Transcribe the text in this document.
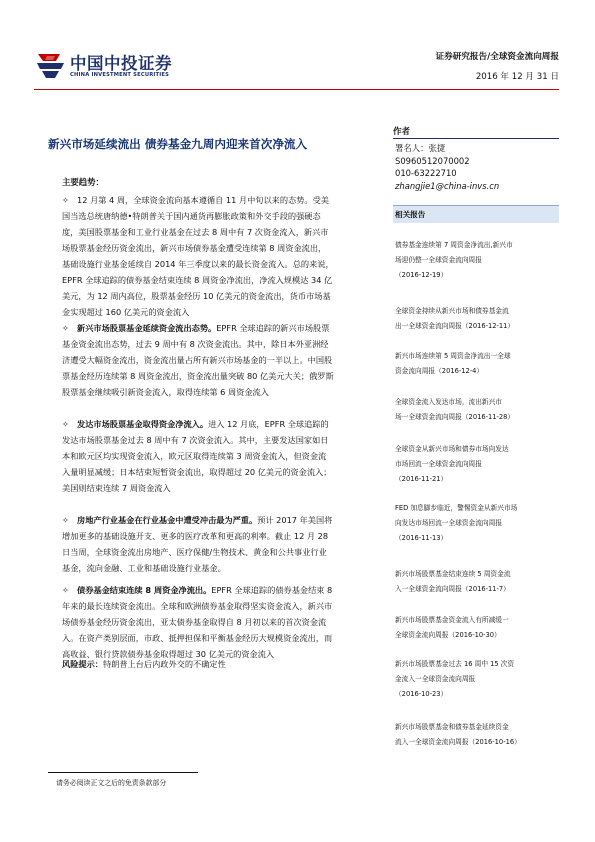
中国中投证券
CHINA INVESTMENT SECURITIES
证券研究报告/全球资金流向周报
2016 年 12 月 31 日
新兴市场延续流出 债券基金九周内迎来首次净流入
作者
署名人：张捷
S0960512070002
010-63222710
zhangjie1@china-invs.cn
相关报告
债券基金连续第 7 周资金净流出,新兴市
场迎仍整一全球资金流向周报
（2016-12-19）
全球资金持续从新兴市场和债券基金流
出一全球资金流向周报（2016-12-11）
新兴市场连续第 5 周资金净流出一全球
资金流向周报（2016-12-4）
全球资金流入发达市场，流出新兴市
场一全球资金流向周报（2016-11-28）
全球资金从新兴市场和债券市场向发达
市场回流一全球资金流向周报
（2016-11-21）
FED 加息脚步临近，警惕资金从新兴市场
向发达市场回流一全球资金流向周报
（2016-11-13）
新兴市场股票基金结束连续 5 周资金流
入一全球资金流向周报（2016-11-7）
新兴市场股票基金资金流入有所减缓一
全球资金流向周报（2016-10-30）
新兴市场股票基金过去 16 周中 15 次资
金流入一全球资金流向周报
（2016-10-23）
新兴市场股票基金和债券基金延续资金
流入一全球资金流向周报（2016-10-16）
主要趋势：
✧　12 月第 4 周，全球资金流向基本遵循自 11 月中旬以来的态势。受美
国当选总统唐纳德•特朗普关于国内通货再膨胀政策和外交手段的强硬态
度，美国股票基金和工业行业基金在过去 8 周中有 7 次资金流入，新兴市
场股票基金经历资金流出，新兴市场债券基金遭受连续第 8 周资金流出，
基础设施行业基金延续自 2014 年三季度以来的最长资金流入。总的来说，
EPFR 全球追踪的债券基金结束连续 8 周资金净流出，净流入规模达 34 亿
美元，为 12 周内高位，股票基金经历 10 亿美元的资金流出，货币市场基
金实现超过 160 亿美元的资金流入
✧　新兴市场股票基金延续资金流出态势。EPFR 全球追踪的新兴市场股票
基金资金流出态势，过去 9 周中有 8 次资金流出。其中，除日本外亚洲经
济遭受大幅资金流出，资金流出量占所有新兴市场基金的一半以上。中国股
票基金经历连续第 8 周资金流出，资金流出量突破 80 亿美元大关；俄罗斯
股票基金继续吸引新资金流入，取得连续第 6 周资金流入
✧　发达市场股票基金取得资金净流入。进入 12 月底，EPFR 全球追踪的
发达市场股票基金过去 8 周中有 7 次资金流入。其中，主要发达国家如日
本和欧元区均实现资金流入，欧元区取得连续第 3 周资金流入，但资金流
入量明显减缓；日本结束短暂资金流出，取得超过 20 亿美元的资金流入；
美国则结束连续 7 周资金流入
✧　房地产行业基金在行业基金中遭受冲击最为严重。预计 2017 年美国将
增加更多的基础设施开支、更多的医疗改革和更高的利率。截止 12 月 28
日当周，全球资金流出房地产、医疗保健/生物技术、黄金和公共事业行业
基金，流向金融、工业和基础设施行业基金。
✧　债券基金结束连续 8 周资金净流出。EPFR 全球追踪的债券基金结束 8
年来的最长连续资金流出。全球和欧洲债券基金取得坚实资金流入，新兴市
场债券基金经历资金流出，亚太债券基金取得自 8 月初以来的首次资金流
入。在资产类别层面，市政、抵押担保和平衡基金经历大规模资金流出，而
高收益、银行贷款债券基金取得超过 30 亿美元的资金流入
风险提示：特朗普上台后内政外交的不确定性
请务必阅读正文之后的免责条款部分
